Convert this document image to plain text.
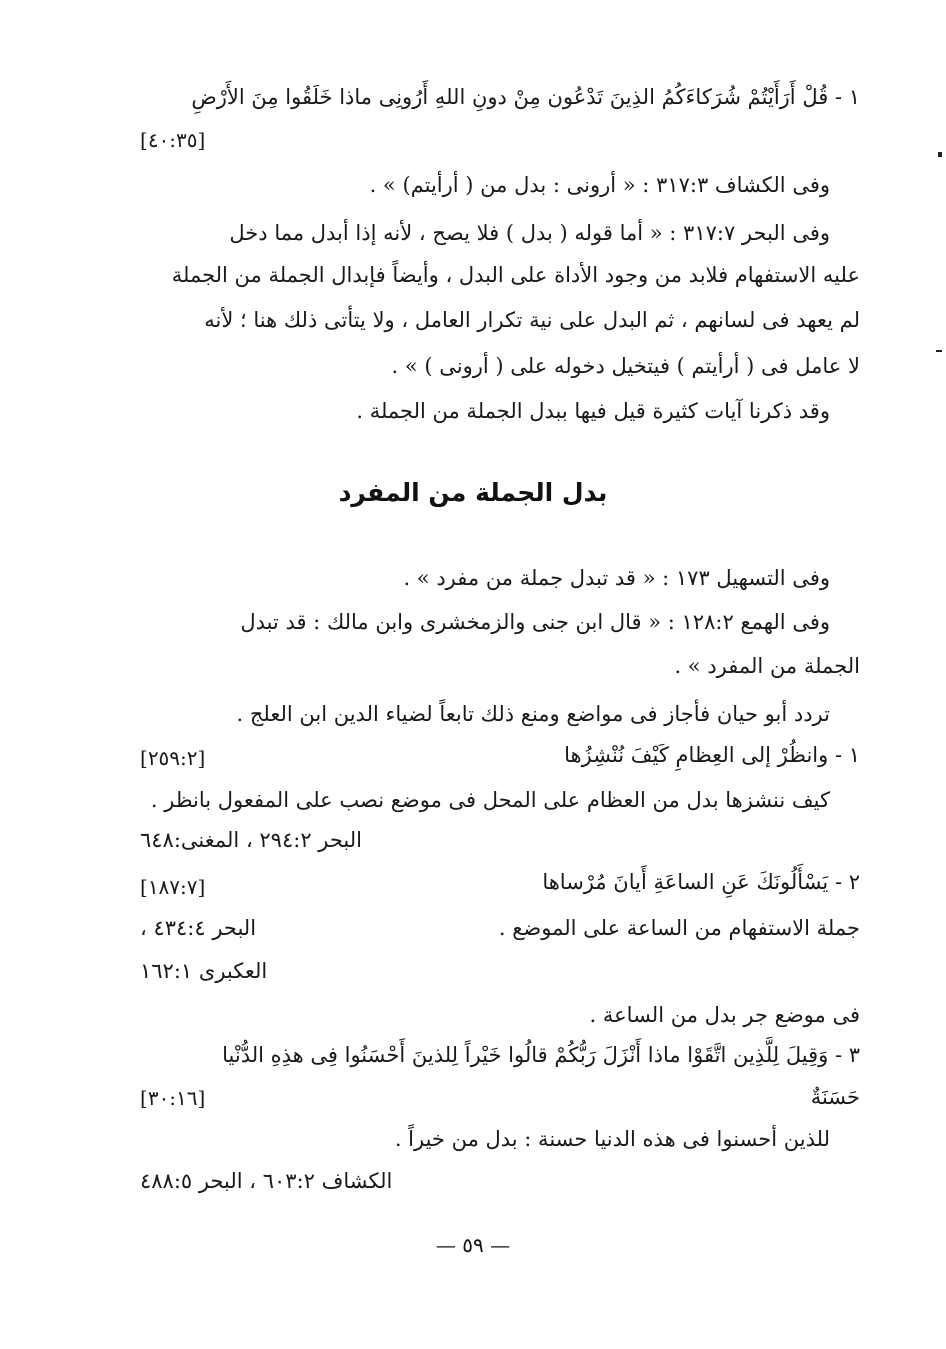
١ - قُلْ أَرَأَيْتُمْ شُرَكاءَكُمُ الذِينَ تَدْعُون مِنْ دونِ اللهِ أَرُونِى ماذا خَلَقُوا مِنَ الأَرْضِ
[٤٠:٣٥]
وفى الكشاف ٣١٧:٣ : « أرونى : بدل من ( أرأيتم) » .
وفى البحر ٣١٧:٧ : « أما قوله ( بدل ) فلا يصح ، لأنه إذا أبدل مما دخل
عليه الاستفهام فلابد من وجود الأداة على البدل ، وأيضاً فإبدال الجملة من الجملة
لم يعهد فى لسانهم ، ثم البدل على نية تكرار العامل ، ولا يتأتى ذلك هنا ؛ لأنه
لا عامل فى ( أرأيتم ) فيتخيل دخوله على ( أرونى ) » .
وقد ذكرنا آيات كثيرة قيل فيها ببدل الجملة من الجملة .
بدل الجملة من المفرد
وفى التسهيل ١٧٣ : « قد تبدل جملة من مفرد » .
وفى الهمع ١٢٨:٢ : « قال ابن جنى والزمخشرى وابن مالك : قد تبدل
الجملة من المفرد » .
تردد أبو حيان فأجاز فى مواضع ومنع ذلك تابعاً لضياء الدين ابن العلج .
١ - وانظُرْ إلى العِظامِ كَيْفَ نُنْشِزُها
[٢٥٩:٢]
كيف ننشزها بدل من العظام على المحل فى موضع نصب على المفعول بانظر .
البحر ٢٩٤:٢ ، المغنى:٦٤٨
٢ - يَسْأَلُونَكَ عَنِ الساعَةِ أَيانَ مُرْساها
[١٨٧:٧]
جملة الاستفهام من الساعة على الموضع .
البحر ٤٣٤:٤ ،
العكبرى ١٦٢:١
فى موضع جر بدل من الساعة .
٣ - وَقِيلَ لِلَّذِين اتَّقَوْا ماذا أَنْزَلَ رَبُّكُمْ قالُوا خَيْراً لِلذينَ أَحْسَنُوا فِى هذِهِ الدُّنْيا
حَسَنَةٌ
[٣٠:١٦]
للذين أحسنوا فى هذه الدنيا حسنة : بدل من خيراً .
الكشاف ٦٠٣:٢ ، البحر ٤٨٨:٥
— ٥٩ —
